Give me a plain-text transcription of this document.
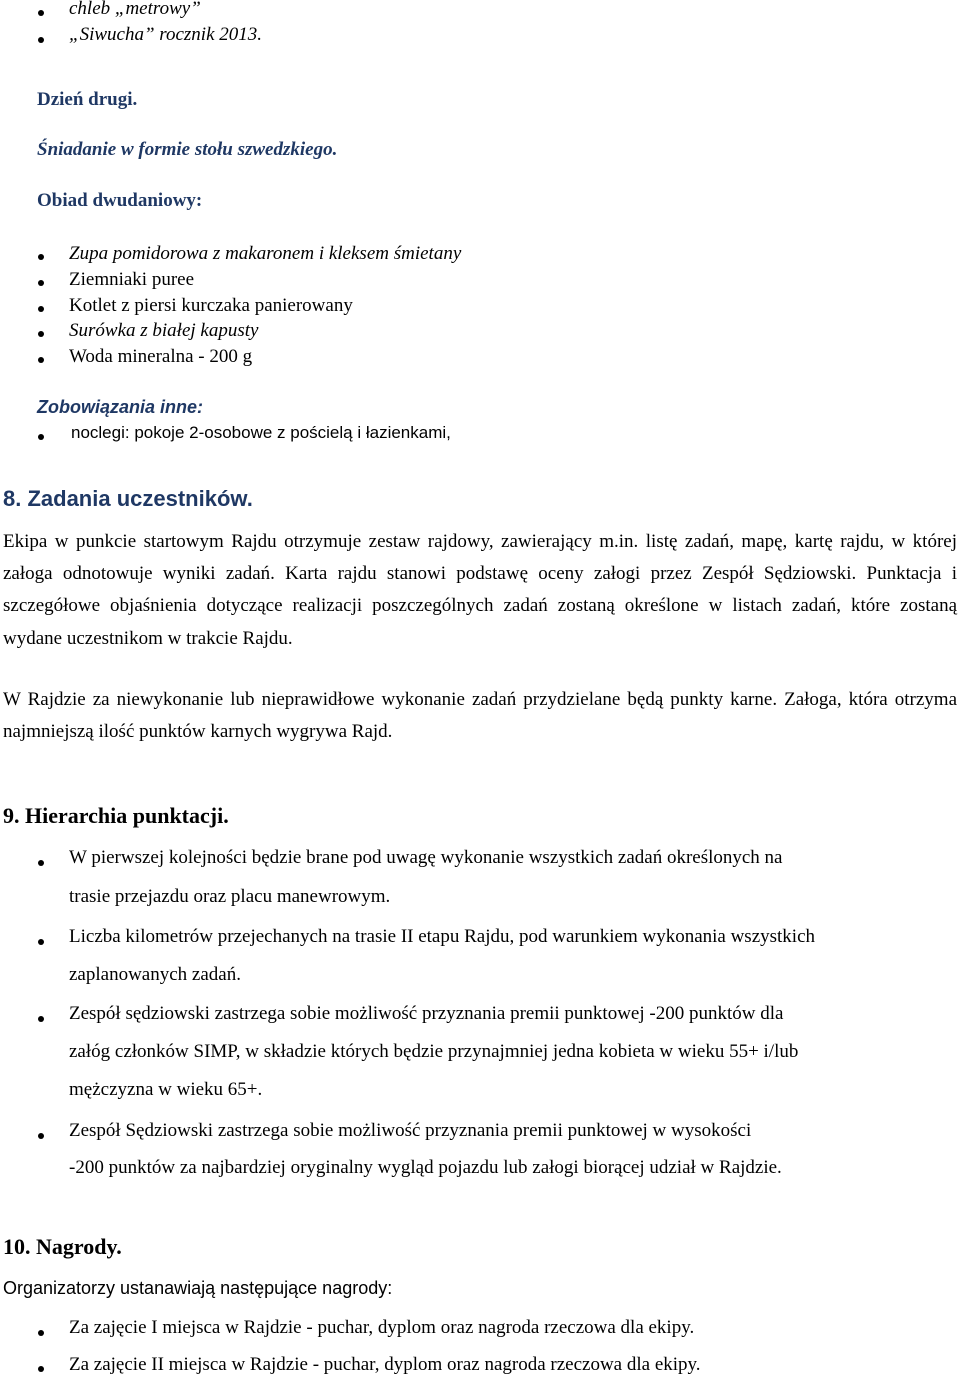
chleb „metrowy”
„Siwucha” rocznik 2013.
Dzień drugi.
Śniadanie w formie stołu szwedzkiego.
Obiad dwudaniowy:
Zupa pomidorowa z makaronem i kleksem śmietany
Ziemniaki puree
Kotlet z piersi kurczaka panierowany
Surówka z białej kapusty
Woda mineralna - 200 g
Zobowiązania inne:
noclegi: pokoje 2-osobowe z pościelą i łazienkami,
8. Zadania uczestników.
Ekipa w punkcie startowym Rajdu otrzymuje zestaw rajdowy, zawierający m.in. listę zadań, mapę, kartę rajdu, w której załoga odnotowuje wyniki zadań. Karta rajdu stanowi podstawę oceny załogi przez Zespół Sędziowski. Punktacja i szczegółowe objaśnienia dotyczące realizacji poszczególnych zadań zostaną określone w listach zadań, które zostaną wydane uczestnikom w trakcie Rajdu.
W Rajdzie za niewykonanie lub nieprawidłowe wykonanie zadań przydzielane będą punkty karne. Załoga, która otrzyma najmniejszą ilość punktów karnych wygrywa Rajd.
9. Hierarchia punktacji.
W pierwszej kolejności będzie brane pod uwagę wykonanie wszystkich zadań określonych na
trasie przejazdu oraz placu manewrowym.
Liczba kilometrów przejechanych na trasie II etapu Rajdu, pod warunkiem wykonania wszystkich
zaplanowanych zadań.
Zespół sędziowski zastrzega sobie możliwość przyznania premii punktowej -200 punktów dla
załóg członków SIMP, w składzie których będzie przynajmniej jedna kobieta w wieku 55+ i/lub
mężczyzna w wieku 65+.
Zespół Sędziowski zastrzega sobie możliwość przyznania premii punktowej w wysokości
-200 punktów za najbardziej oryginalny wygląd pojazdu lub załogi biorącej udział w Rajdzie.
10. Nagrody.
Organizatorzy ustanawiają następujące nagrody:
Za zajęcie I miejsca w Rajdzie - puchar, dyplom oraz nagroda rzeczowa dla ekipy.
Za zajęcie II miejsca w Rajdzie - puchar, dyplom oraz nagroda rzeczowa dla ekipy.
